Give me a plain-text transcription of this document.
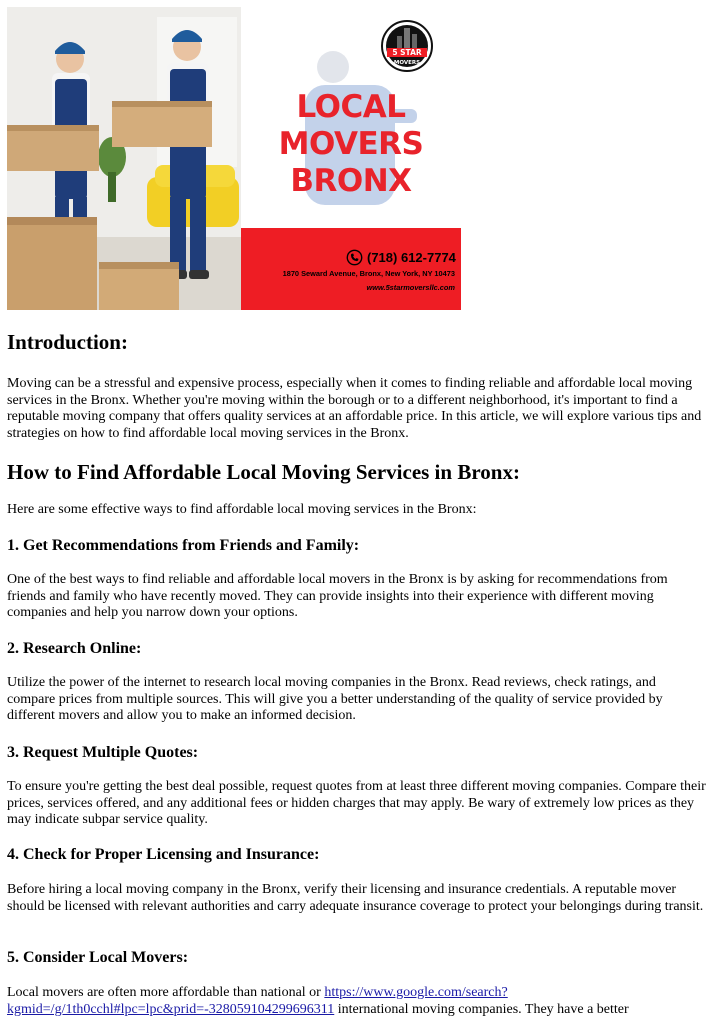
5 STAR
MOVERS
LOCAL
MOVERS
BRONX
(718) 612-7774
1870 Seward Avenue, Bronx, New York, NY 10473
www.5starmoversllc.com
Introduction:

Moving can be a stressful and expensive process, especially when it comes to finding reliable and affordable local moving services in the Bronx. Whether you're moving within the borough or to a different neighborhood, it's important to find a reputable moving company that offers quality services at an affordable price. In this article, we will explore various tips and strategies on how to find affordable local moving services in the Bronx.

How to Find Affordable Local Moving Services in Bronx:

Here are some effective ways to find affordable local moving services in the Bronx:

1. Get Recommendations from Friends and Family:

One of the best ways to find reliable and affordable local movers in the Bronx is by asking for recommendations from friends and family who have recently moved. They can provide insights into their experience with different moving companies and help you narrow down your options.

2. Research Online:

Utilize the power of the internet to research local moving companies in the Bronx. Read reviews, check ratings, and compare prices from multiple sources. This will give you a better understanding of the quality of service provided by different movers and allow you to make an informed decision.

3. Request Multiple Quotes:

To ensure you're getting the best deal possible, request quotes from at least three different moving companies. Compare their prices, services offered, and any additional fees or hidden charges that may apply. Be wary of extremely low prices as they may indicate subpar service quality.

4. Check for Proper Licensing and Insurance:

Before hiring a local moving company in the Bronx, verify their licensing and insurance credentials. A reputable mover should be licensed with relevant authorities and carry adequate insurance coverage to protect your belongings during transit.

5. Consider Local Movers:

Local movers are often more affordable than national or https://www.google.com/search?kgmid=/g/1th0cchl#lpc=lpc&prid=-328059104299696311 international moving companies. They have a better
